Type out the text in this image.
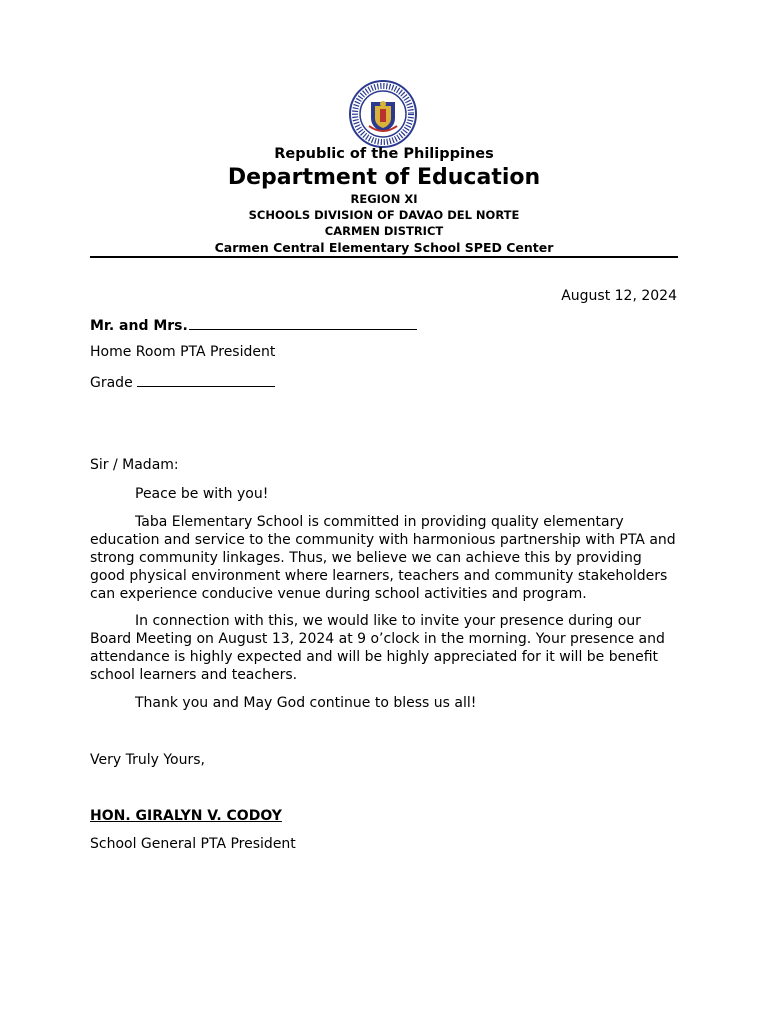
Republic of the Philippines
Department of Education
REGION XI
SCHOOLS DIVISION OF DAVAO DEL NORTE
CARMEN DISTRICT
Carmen Central Elementary School SPED Center
August 12, 2024
Mr. and Mrs.
Home Room PTA President
Grade
Sir / Madam:
Peace be with you!

Taba Elementary School is committed in providing quality elementary education and service to the community with harmonious partnership with PTA and strong community linkages. Thus, we believe we can achieve this by providing good physical environment where learners, teachers and community stakeholders can experience conducive venue during school activities and program.

In connection with this, we would like to invite your presence during our Board Meeting on August 13, 2024 at 9 o’clock in the morning. Your presence and attendance is highly expected and will be highly appreciated for it will be benefit school learners and teachers.

Thank you and May God continue to bless us all!
Very Truly Yours,
HON. GIRALYN V. CODOY
School General PTA President
